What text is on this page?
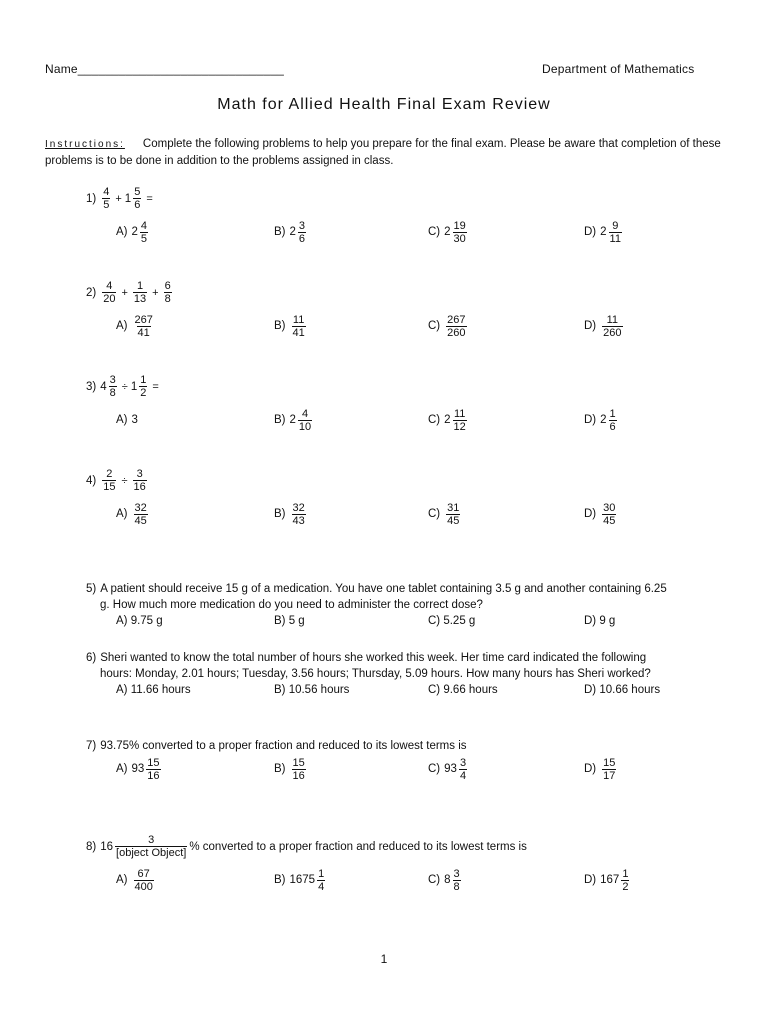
Name______________________________	Department of Mathematics
Math for Allied Health Final Exam Review
Instructions: Complete the following problems to help you prepare for the final exam. Please be aware that completion of these problems is to be done in addition to the problems assigned in class.
$1) \frac{4}{5} + 1 \frac{5}{6}$ =
A) $2 \frac{4}{5}$	B) $2 \frac{3}{6}$	C) $2 \frac{19}{30}$	D) $2 \frac{9}{11}$
$2) \frac{4}{20} + \frac{1}{13} + \frac{6}{8}$
$A) \frac{267}{41}$	$B) \frac{11}{41}$	$C) \frac{267}{260}$	$D) \frac{11}{260}$
3) $4 \frac{3}{8} \div 1 \frac{1}{2}$ =
A) 3	B) $2 \frac{4}{10}$	C) $2 \frac{11}{12}$	D) $2 \frac{1}{6}$
$4) \frac{2}{15} \div \frac{3}{16}$
$A) \frac{32}{45}$	$B) \frac{32}{43}$	$C) \frac{31}{45}$	$D) \frac{30}{45}$
5) A patient should receive 15 g of a medication. You have one tablet containing 3.5 g and another containing 6.25
g. How much more medication do you need to administer the correct dose?
A) 9.75 g	B) 5 g	C) 5.25 g	D) 9 g
6) Sheri wanted to know the total number of hours she worked this week. Her time card indicated the following
hours: Monday, 2.01 hours; Tuesday, 3.56 hours; Thursday, 5.09 hours. How many hours has Sheri worked?
A) 11.66 hours	B) 10.56 hours	C) 9.66 hours	D) 10.66 hours
7) 93.75% converted to a proper fraction and reduced to its lowest terms is
A) $93 \frac{15}{16}$	$B) \frac{15}{16}$	C) $93 \frac{3}{4}$	$D) \frac{15}{17}$
8) $16 \frac{3}{\text{[object Object]}}$ % converted to a proper fraction and reduced to its lowest terms is
$A) \frac{67}{400}$	B) $1675 \frac{1}{4}$	C) $8 \frac{3}{8}$	D) $167 \frac{1}{2}$
1
